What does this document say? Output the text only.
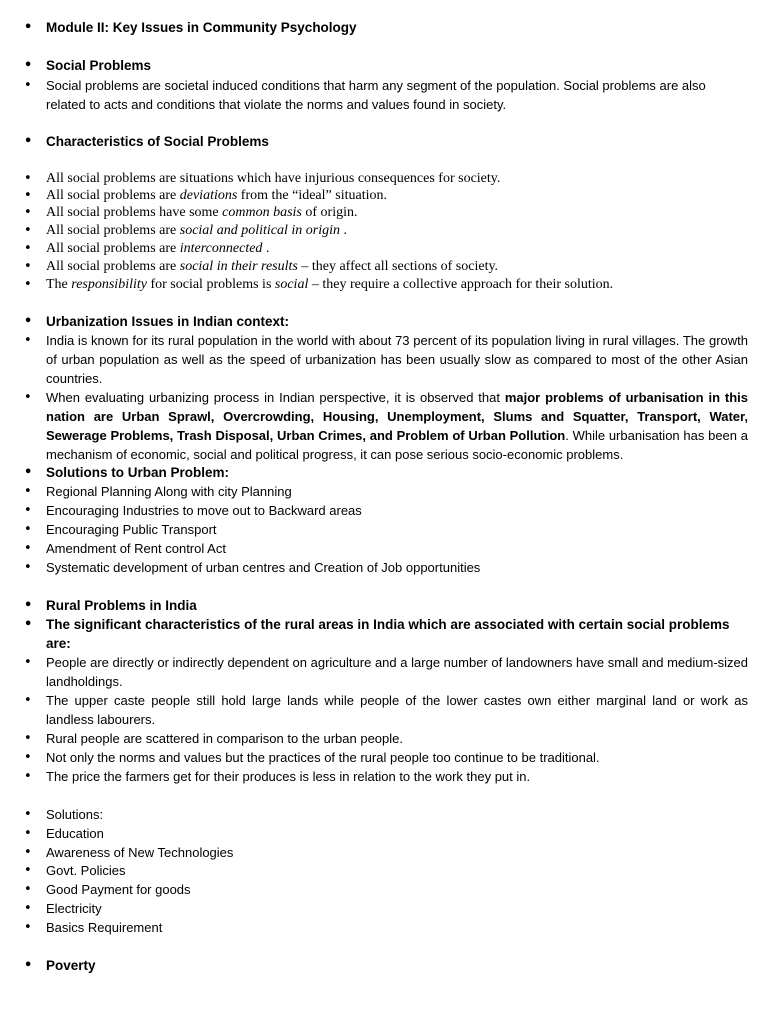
• Module II: Key Issues in Community Psychology
• Social Problems
• Social problems are societal induced conditions that harm any segment of the population. Social problems are also related to acts and conditions that violate the norms and values found in society.
• Characteristics of Social Problems
• All social problems are situations which have injurious consequences for society.
• All social problems are deviations from the “ideal” situation.
• All social problems have some common basis of origin.
• All social problems are social and political in origin .
• All social problems are interconnected .
• All social problems are social in their results – they affect all sections of society.
• The responsibility for social problems is social – they require a collective approach for their solution.
• Urbanization Issues in Indian context:
• India is known for its rural population in the world with about 73 percent of its population living in rural villages. The growth of urban population as well as the speed of urbanization has been usually slow as compared to most of the other Asian countries.
• When evaluating urbanizing process in Indian perspective, it is observed that major problems of urbanisation in this nation are Urban Sprawl, Overcrowding, Housing, Unemployment, Slums and Squatter, Transport, Water, Sewerage Problems, Trash Disposal, Urban Crimes, and Problem of Urban Pollution. While urbanisation has been a mechanism of economic, social and political progress, it can pose serious socio-economic problems.
• Solutions to Urban Problem:
• Regional Planning Along with city Planning
• Encouraging Industries to move out to Backward areas
• Encouraging Public Transport
• Amendment of Rent control Act
• Systematic development of urban centres and Creation of Job opportunities
• Rural Problems in India
• The significant characteristics of the rural areas in India which are associated with certain social problems are:
• People are directly or indirectly dependent on agriculture and a large number of landowners have small and medium-sized landholdings.
• The upper caste people still hold large lands while people of the lower castes own either marginal land or work as landless labourers.
• Rural people are scattered in comparison to the urban people.
• Not only the norms and values but the practices of the rural people too continue to be traditional.
• The price the farmers get for their produces is less in relation to the work they put in.
• Solutions:
• Education
• Awareness of New Technologies
• Govt. Policies
• Good Payment for goods
• Electricity
• Basics Requirement
• Poverty
